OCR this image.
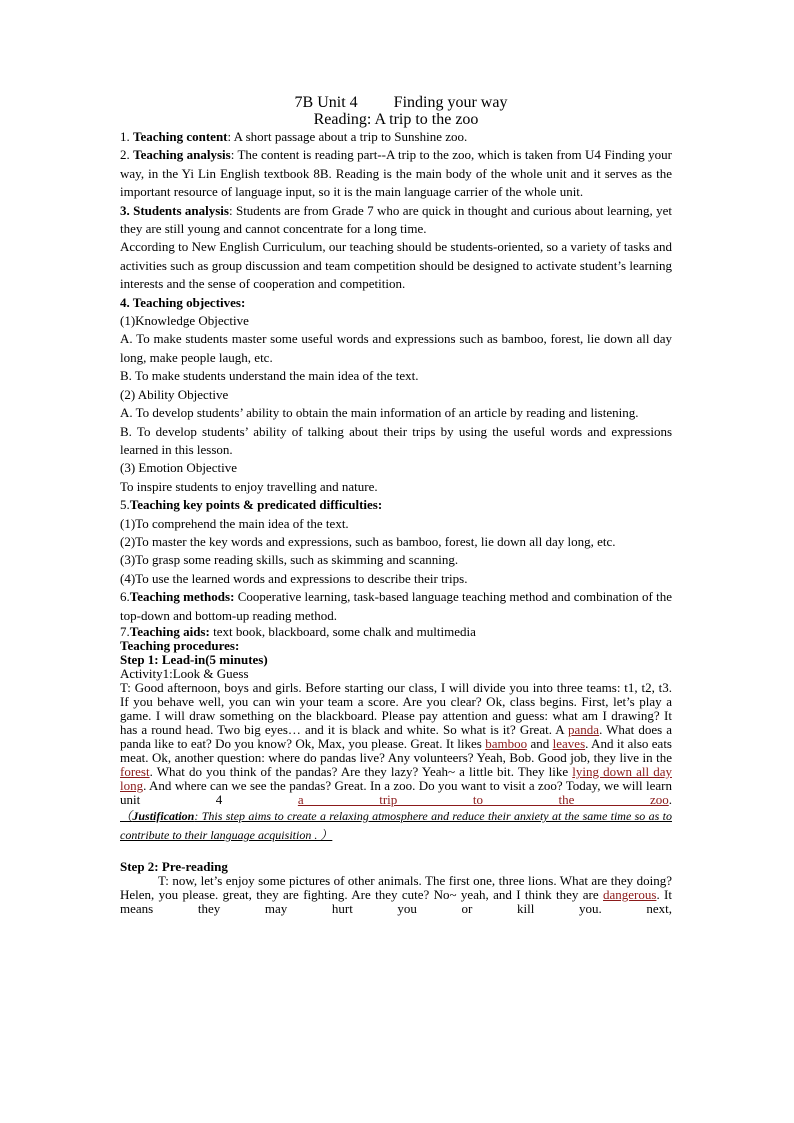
7B Unit 4 Finding your way
Reading: A trip to the zoo

1. Teaching content: A short passage about a trip to Sunshine zoo.

2. Teaching analysis: The content is reading part--A trip to the zoo, which is taken from U4 Finding your way, in the Yi Lin English textbook 8B. Reading is the main body of the whole unit and it serves as the important resource of language input, so it is the main language carrier of the whole unit.

3. Students analysis: Students are from Grade 7 who are quick in thought and curious about learning, yet they are still young and cannot concentrate for a long time.

According to New English Curriculum, our teaching should be students-oriented, so a variety of tasks and activities such as group discussion and team competition should be designed to activate student’s learning interests and the sense of cooperation and competition.

4. Teaching objectives:

(1)Knowledge Objective

A. To make students master some useful words and expressions such as bamboo, forest, lie down all day long, make people laugh, etc.

B. To make students understand the main idea of the text.

(2) Ability Objective

A. To develop students’ ability to obtain the main information of an article by reading and listening.

B. To develop students’ ability of talking about their trips by using the useful words and expressions learned in this lesson.

(3) Emotion Objective

To inspire students to enjoy travelling and nature.

5.Teaching key points & predicated difficulties:

(1)To comprehend the main idea of the text.

(2)To master the key words and expressions, such as bamboo, forest, lie down all day long, etc.

(3)To grasp some reading skills, such as skimming and scanning.

(4)To use the learned words and expressions to describe their trips.

6.Teaching methods: Cooperative learning, task-based language teaching method and combination of the top-down and bottom-up reading method.

7.Teaching aids: text book, blackboard, some chalk and multimedia

Teaching procedures:

Step 1: Lead-in(5 minutes)

Activity1:Look & Guess

T: Good afternoon, boys and girls. Before starting our class, I will divide you into three teams: t1, t2, t3. If you behave well, you can win your team a score. Are you clear? Ok, class begins. First, let’s play a game. I will draw something on the blackboard. Please pay attention and guess: what am I drawing? It has a round head. Two big eyes… and it is black and white. So what is it? Great. A panda. What does a panda like to eat? Do you know? Ok, Max, you please. Great. It likes bamboo and leaves. And it also eats meat. Ok, another question: where do pandas live? Any volunteers? Yeah, Bob. Good job, they live in the forest. What do you think of the pandas? Are they lazy? Yeah~ a little bit. They like lying down all day long. And where can we see the pandas? Great. In a zoo. Do you want to visit a zoo? Today, we will learn unit 4 a trip to the zoo.

（Justification: This step aims to create a relaxing atmosphere and reduce their anxiety at the same time so as to contribute to their language acquisition . ）

Step 2: Pre-reading

T: now, let’s enjoy some pictures of other animals. The first one, three lions. What are they doing? Helen, you please. great, they are fighting. Are they cute? No~ yeah, and I think they are dangerous. It means they may hurt you or kill you. next,
